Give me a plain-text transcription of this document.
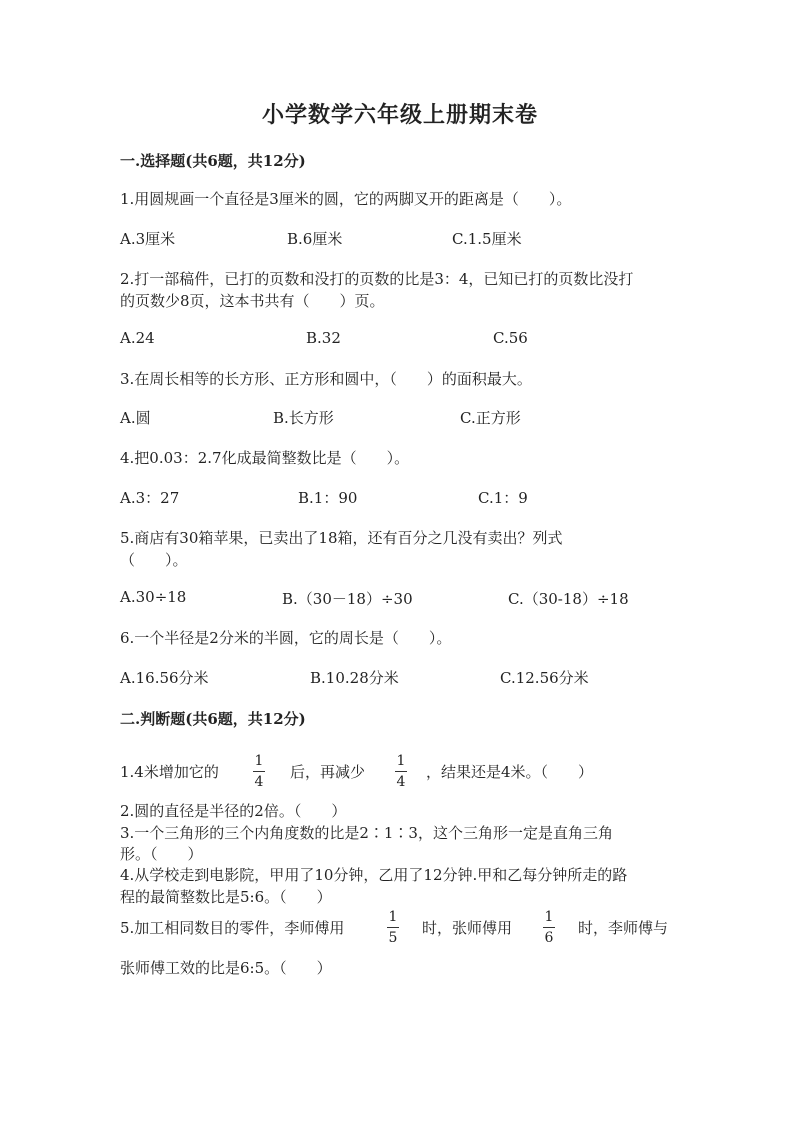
小学数学六年级上册期末卷
一.选择题(共6题，共12分)
1.用圆规画一个直径是3厘米的圆，它的两脚叉开的距离是（　　）。
A.3厘米	B.6厘米	C.1.5厘米
2.打一部稿件，已打的页数和没打的页数的比是3：4，已知已打的页数比没打
的页数少8页，这本书共有（　　）页。
A.24	B.32	C.56
3.在周长相等的长方形、正方形和圆中，（　　）的面积最大。
A.圆	B.长方形	C.正方形
4.把0.03：2.7化成最简整数比是（　　）。
A.3：27	B.1：90	C.1：9
5.商店有30箱苹果，已卖出了18箱，还有百分之几没有卖出？列式
（　　）。
A.30÷18	B.（30－18）÷30	C.（30-18）÷18
6.一个半径是2分米的半圆，它的周长是（　　）。
A.16.56分米	B.10.28分米	C.12.56分米
二.判断题(共6题，共12分)
1.4米增加它的
1
4
后，再减少
1
4
，结果还是4米。（　　）
2.圆的直径是半径的2倍。（　　）
3.一个三角形的三个内角度数的比是2∶1∶3，这个三角形一定是直角三角
形。（　　）
4.从学校走到电影院，甲用了10分钟，乙用了12分钟.甲和乙每分钟所走的路
程的最简整数比是5:6。（　　）
5.加工相同数目的零件，李师傅用
1
5
时，张师傅用
1
6
时，李师傅与
张师傅工效的比是6:5。（　　）
